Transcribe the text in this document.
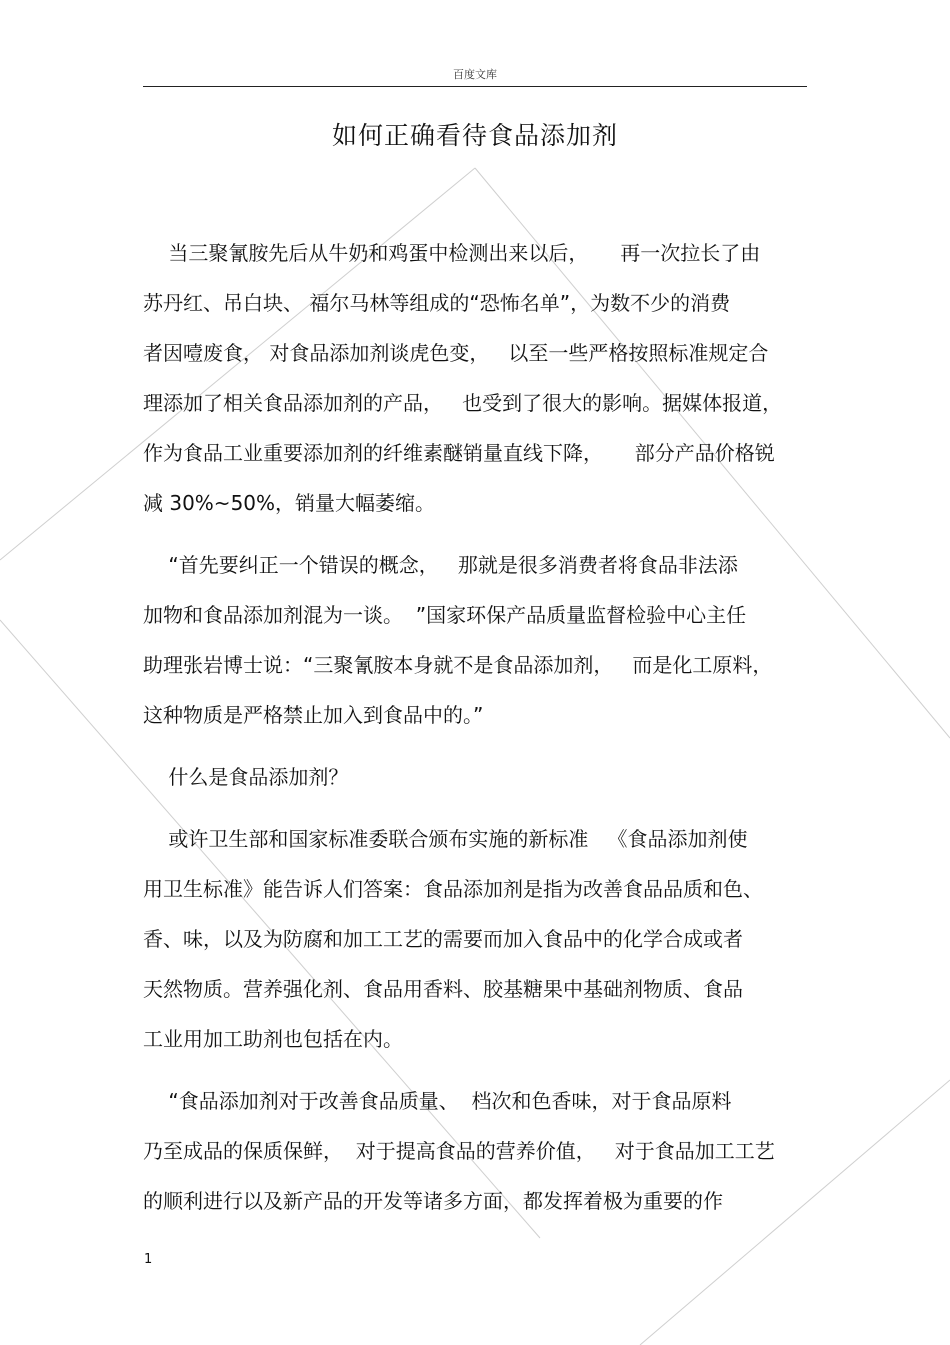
百度文库
如何正确看待食品添加剂
当三聚氰胺先后从牛奶和鸡蛋中检测出来以后，     再一次拉长了由
苏丹红、吊白块、 福尔马林等组成的“恐怖名单”，为数不少的消费
者因噎废食， 对食品添加剂谈虎色变，   以至一些严格按照标准规定合
理添加了相关食品添加剂的产品，   也受到了很大的影响。据媒体报道，
作为食品工业重要添加剂的纤维素醚销量直线下降，     部分产品价格锐
减 30%~50%，销量大幅萎缩。
“首先要纠正一个错误的概念，   那就是很多消费者将食品非法添
加物和食品添加剂混为一谈。  ”国家环保产品质量监督检验中心主任
助理张岩博士说：“三聚氰胺本身就不是食品添加剂，   而是化工原料，
这种物质是严格禁止加入到食品中的。”
什么是食品添加剂？
或许卫生部和国家标准委联合颁布实施的新标准   《食品添加剂使
用卫生标准》能告诉人们答案：食品添加剂是指为改善食品品质和色、
香、味，以及为防腐和加工工艺的需要而加入食品中的化学合成或者
天然物质。营养强化剂、食品用香料、胶基糖果中基础剂物质、食品
工业用加工助剂也包括在内。
“食品添加剂对于改善食品质量、  档次和色香味，对于食品原料
乃至成品的保质保鲜，  对于提高食品的营养价值，   对于食品加工工艺
的顺利进行以及新产品的开发等诸多方面，都发挥着极为重要的作
1
